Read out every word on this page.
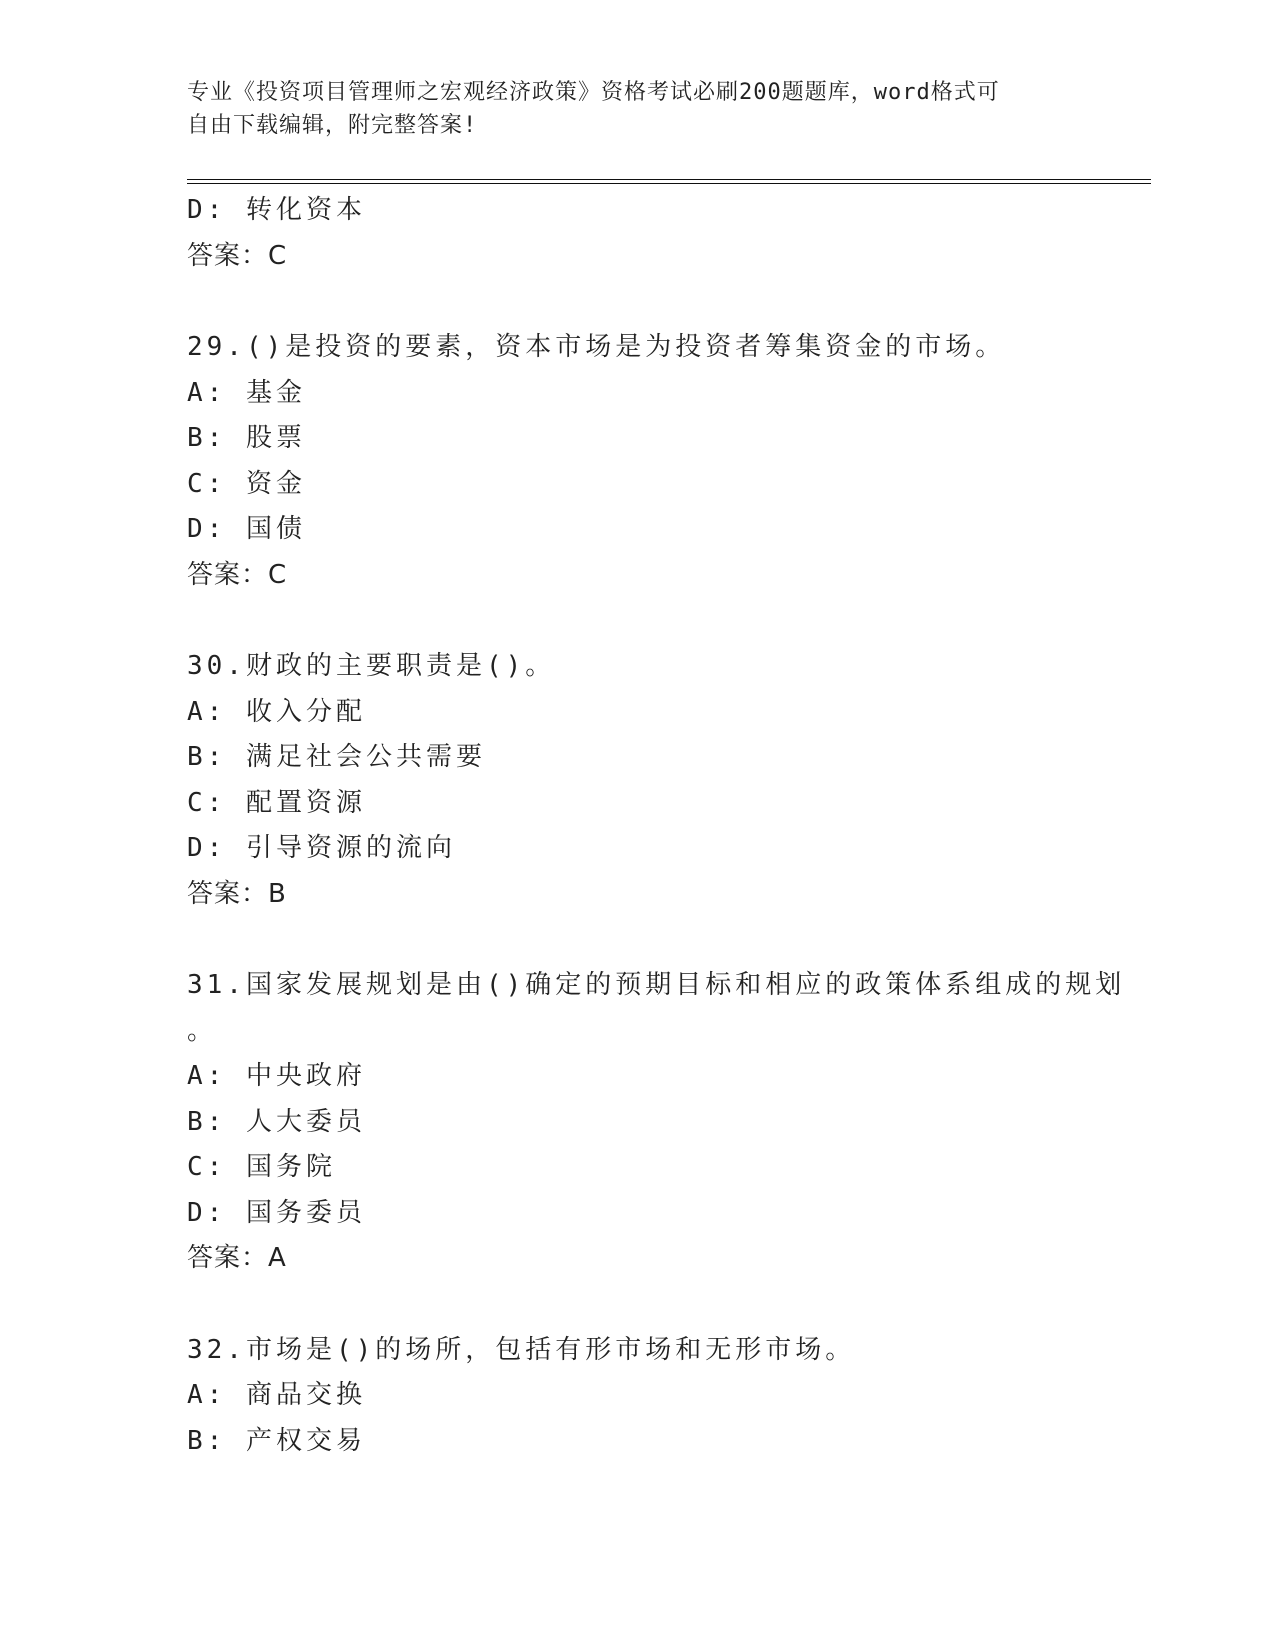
专业《投资项目管理师之宏观经济政策》资格考试必刷200题题库，word格式可
自由下载编辑，附完整答案!
D: 转化资本
答案：C
29.()是投资的要素，资本市场是为投资者筹集资金的市场。
A: 基金
B: 股票
C: 资金
D: 国债
答案：C
30.财政的主要职责是()。
A: 收入分配
B: 满足社会公共需要
C: 配置资源
D: 引导资源的流向
答案：B
31.国家发展规划是由()确定的预期目标和相应的政策体系组成的规划
。
A: 中央政府
B: 人大委员
C: 国务院
D: 国务委员
答案：A
32.市场是()的场所，包括有形市场和无形市场。
A: 商品交换
B: 产权交易
